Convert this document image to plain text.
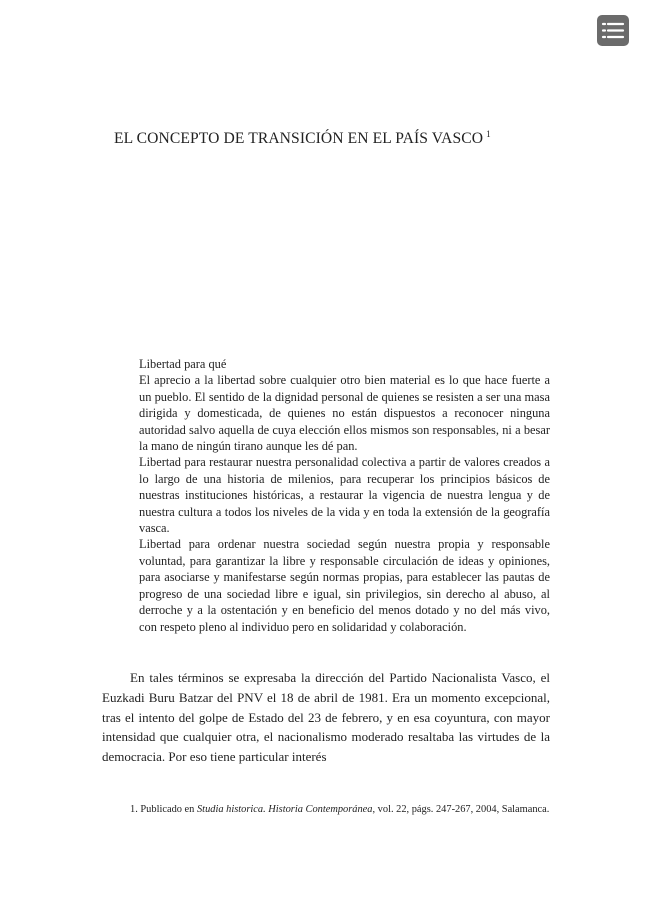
EL CONCEPTO DE TRANSICIÓN EN EL PAÍS VASCO $^1$

Libertad para qué

El aprecio a la libertad sobre cualquier otro bien material es lo que hace fuerte a un pueblo. El sentido de la dignidad personal de quienes se resisten a ser una masa dirigida y domesticada, de quienes no están dispuestos a reconocer ninguna autoridad salvo aquella de cuya elección ellos mismos son responsables, ni a besar la mano de ningún tirano aunque les dé pan.

Libertad para restaurar nuestra personalidad colectiva a partir de valores creados a lo largo de una historia de milenios, para recuperar los principios básicos de nuestras instituciones históricas, a restaurar la vigencia de nuestra lengua y de nuestra cultura a todos los niveles de la vida y en toda la extensión de la geografía vasca.

Libertad para ordenar nuestra sociedad según nuestra propia y responsable voluntad, para garantizar la libre y responsable circulación de ideas y opiniones, para asociarse y manifestarse según normas propias, para establecer las pautas de progreso de una sociedad libre e igual, sin privilegios, sin derecho al abuso, al derroche y a la ostentación y en beneficio del menos dotado y no del más vivo, con respeto pleno al individuo pero en solidaridad y colaboración.

En tales términos se expresaba la dirección del Partido Nacionalista Vasco, el Euzkadi Buru Batzar del PNV el 18 de abril de 1981. Era un momento excepcional, tras el intento del golpe de Estado del 23 de febrero, y en esa coyuntura, con mayor intensidad que cualquier otra, el nacionalismo moderado resaltaba las virtudes de la democracia. Por eso tiene particular interés

1. Publicado en Studia historica. Historia Contemporánea, vol. 22, págs. 247-267, 2004, Salamanca.
